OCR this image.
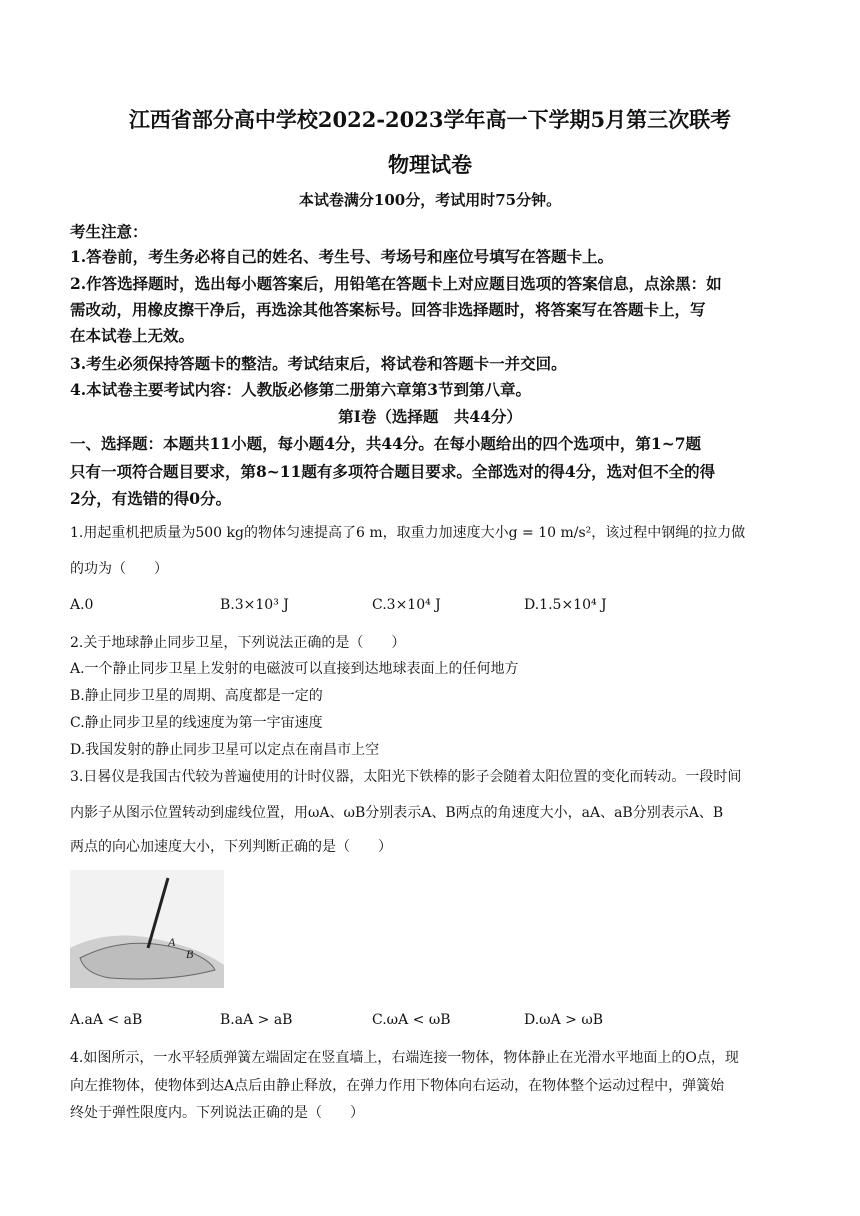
江西省部分高中学校2022-2023学年高一下学期5月第三次联考
物理试卷
本试卷满分100分，考试用时75分钟。
考生注意：
1.答卷前，考生务必将自己的姓名、考生号、考场号和座位号填写在答题卡上。
2.作答选择题时，选出每小题答案后，用铅笔在答题卡上对应题目选项的答案信息，点涂黑：如
需改动，用橡皮擦干净后，再选涂其他答案标号。回答非选择题时，将答案写在答题卡上，写
在本试卷上无效。
3.考生必须保持答题卡的整洁。考试结束后，将试卷和答题卡一并交回。
4.本试卷主要考试内容：人教版必修第二册第六章第3节到第八章。
第Ⅰ卷（选择题　共44分）
一、选择题：本题共11小题，每小题4分，共44分。在每小题给出的四个选项中，第1~7题
只有一项符合题目要求，第8~11题有多项符合题目要求。全部选对的得4分，选对但不全的得
2分，有选错的得0分。
1.用起重机把质量为500 kg的物体匀速提高了6 m，取重力加速度大小g = 10 m/s²，该过程中钢绳的拉力做
的功为（　　）
A.0	B.3×10³ J	C.3×10⁴ J	D.1.5×10⁴ J
2.关于地球静止同步卫星，下列说法正确的是（　　）
A.一个静止同步卫星上发射的电磁波可以直接到达地球表面上的任何地方
B.静止同步卫星的周期、高度都是一定的
C.静止同步卫星的线速度为第一宇宙速度
D.我国发射的静止同步卫星可以定点在南昌市上空
3.日晷仪是我国古代较为普遍使用的计时仪器，太阳光下铁棒的影子会随着太阳位置的变化而转动。一段时间
内影子从图示位置转动到虚线位置，用ωA、ωB分别表示A、B两点的角速度大小，aA、aB分别表示A、B
两点的向心加速度大小，下列判断正确的是（　　）
A
B
A.aA < aB	B.aA > aB	C.ωA < ωB	D.ωA > ωB
4.如图所示，一水平轻质弹簧左端固定在竖直墙上，右端连接一物体，物体静止在光滑水平地面上的O点，现
向左推物体，使物体到达A点后由静止释放，在弹力作用下物体向右运动，在物体整个运动过程中，弹簧始
终处于弹性限度内。下列说法正确的是（　　）
